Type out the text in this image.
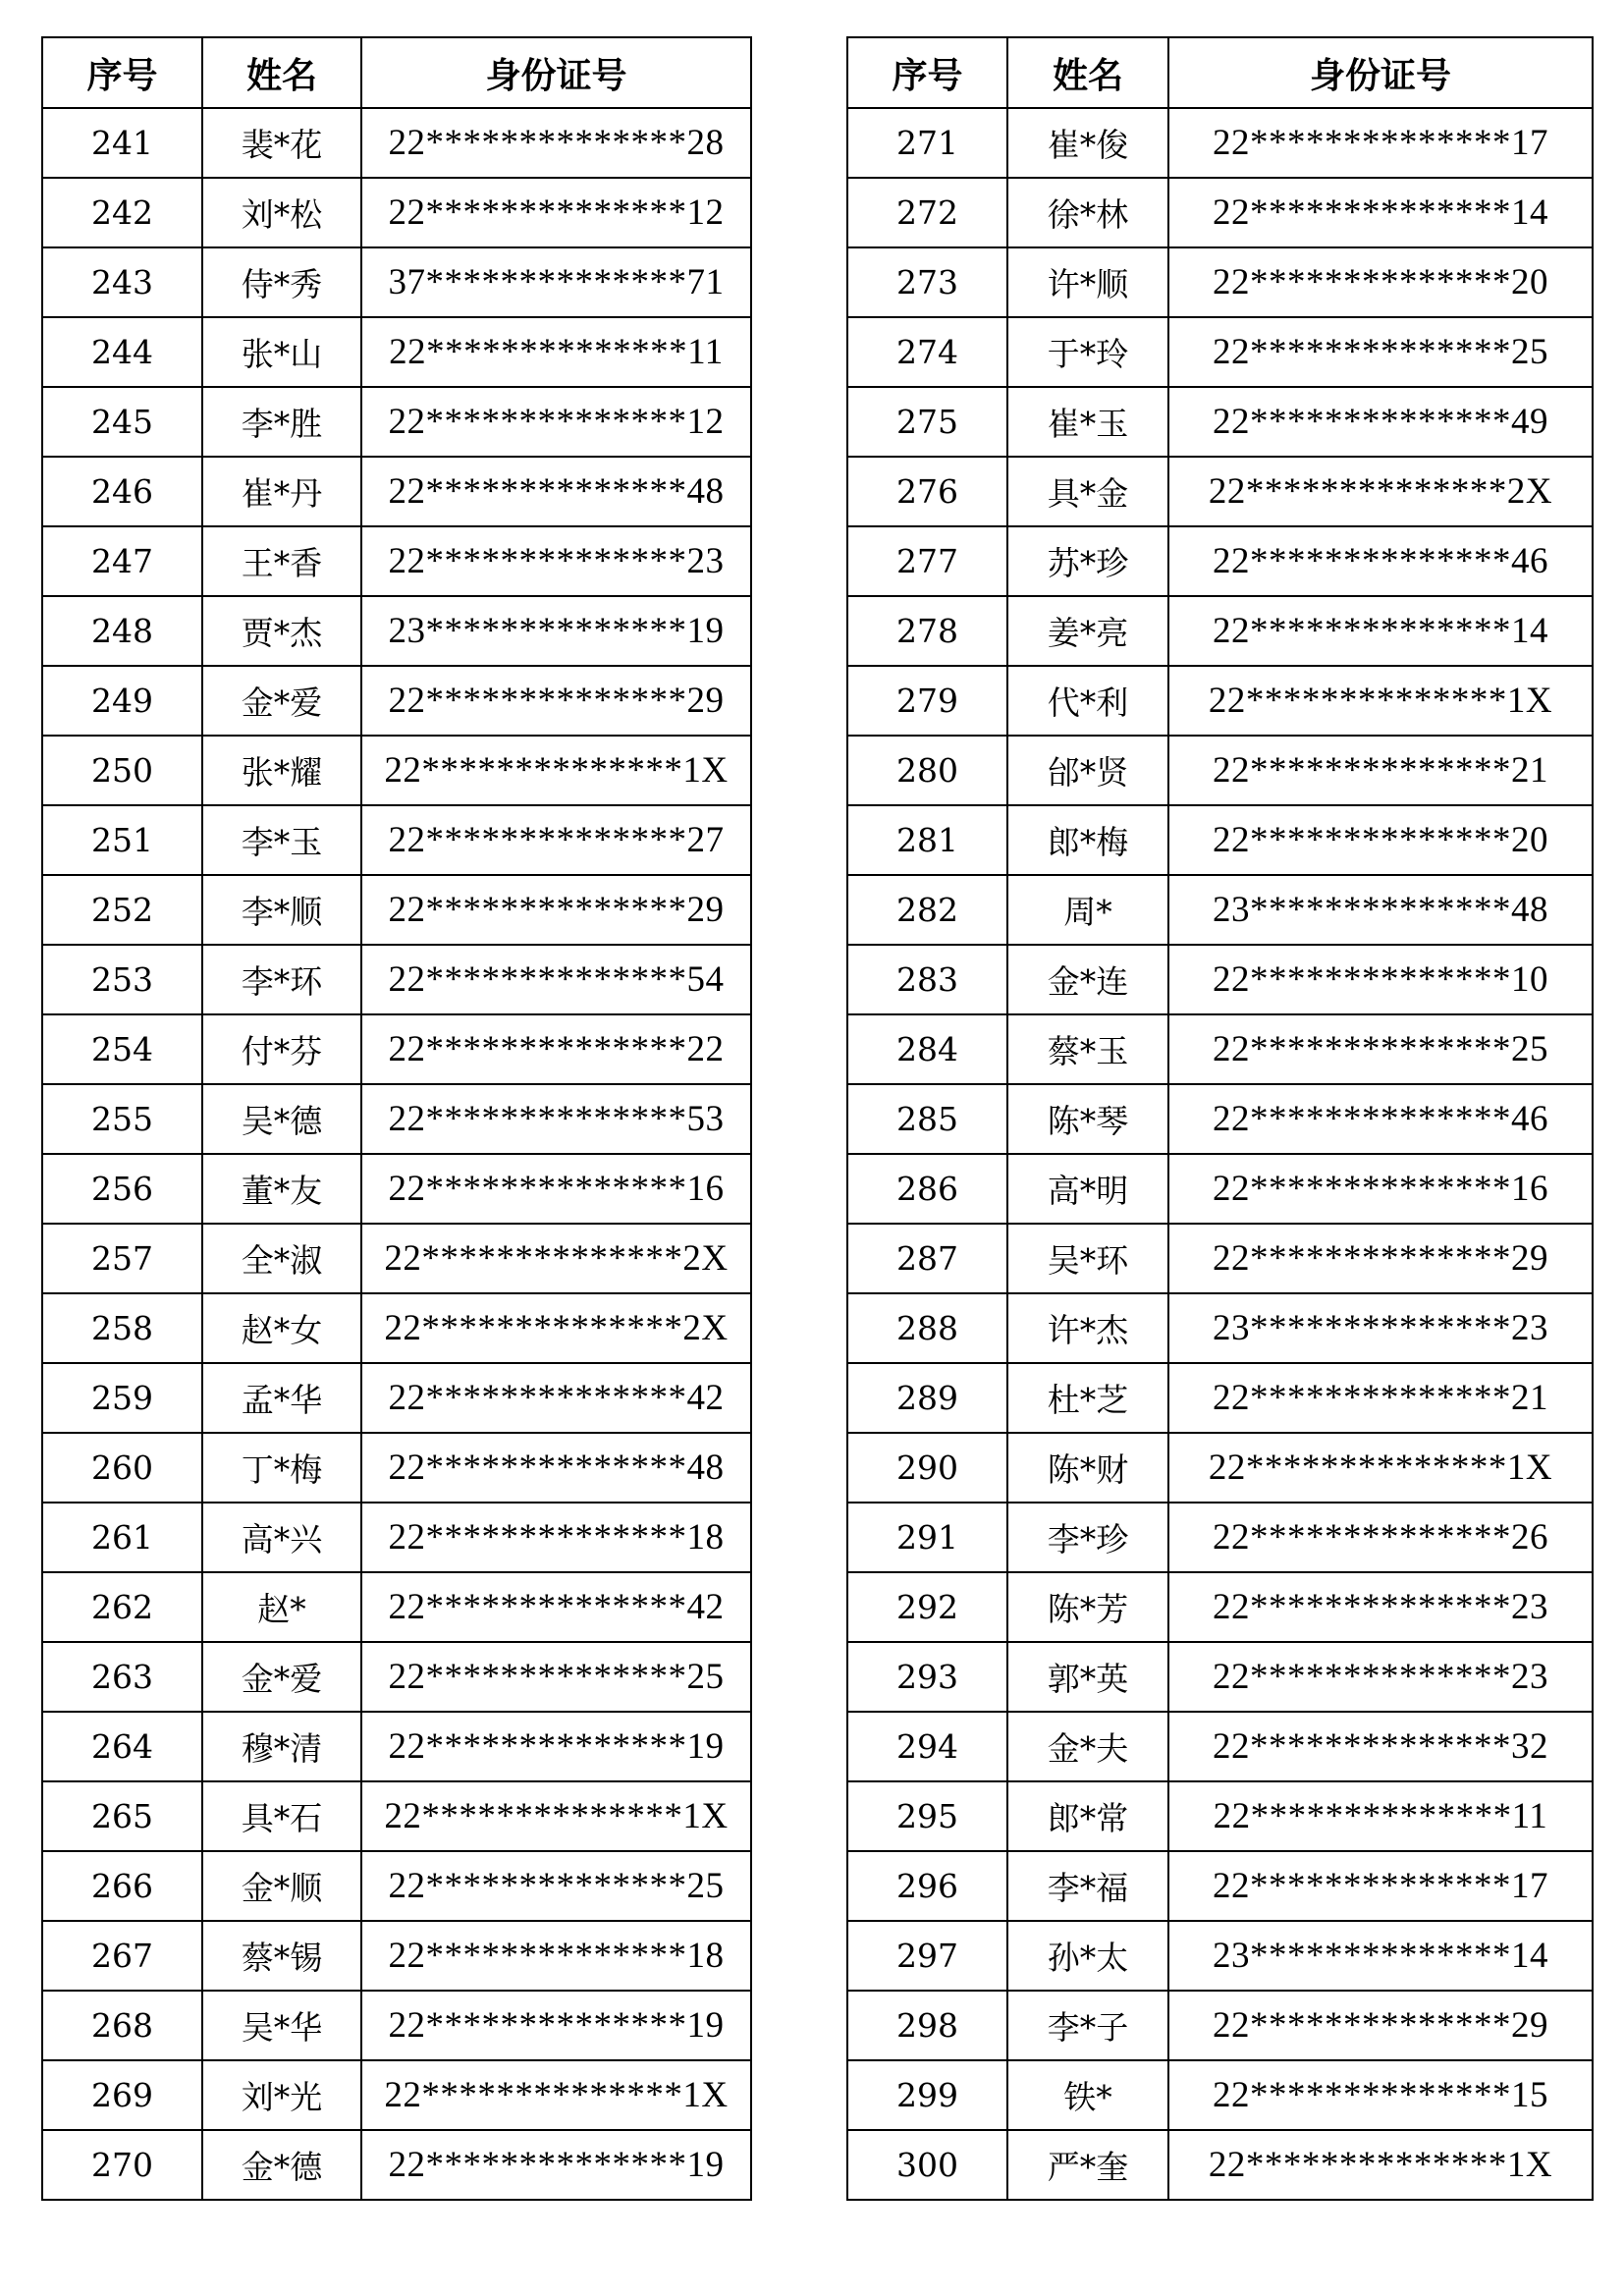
序号	姓名	身份证号
241	裴*花	22**************28
242	刘*松	22**************12
243	侍*秀	37**************71
244	张*山	22**************11
245	李*胜	22**************12
246	崔*丹	22**************48
247	王*香	22**************23
248	贾*杰	23**************19
249	金*爱	22**************29
250	张*耀	22**************1X
251	李*玉	22**************27
252	李*顺	22**************29
253	李*环	22**************54
254	付*芬	22**************22
255	吴*德	22**************53
256	董*友	22**************16
257	全*淑	22**************2X
258	赵*女	22**************2X
259	孟*华	22**************42
260	丁*梅	22**************48
261	高*兴	22**************18
262	赵*	22**************42
263	金*爱	22**************25
264	穆*清	22**************19
265	具*石	22**************1X
266	金*顺	22**************25
267	蔡*锡	22**************18
268	吴*华	22**************19
269	刘*光	22**************1X
270	金*德	22**************19
序号	姓名	身份证号
271	崔*俊	22**************17
272	徐*林	22**************14
273	许*顺	22**************20
274	于*玲	22**************25
275	崔*玉	22**************49
276	具*金	22**************2X
277	苏*珍	22**************46
278	姜*亮	22**************14
279	代*利	22**************1X
280	邰*贤	22**************21
281	郎*梅	22**************20
282	周*	23**************48
283	金*连	22**************10
284	蔡*玉	22**************25
285	陈*琴	22**************46
286	高*明	22**************16
287	吴*环	22**************29
288	许*杰	23**************23
289	杜*芝	22**************21
290	陈*财	22**************1X
291	李*珍	22**************26
292	陈*芳	22**************23
293	郭*英	22**************23
294	金*夫	22**************32
295	郎*常	22**************11
296	李*福	22**************17
297	孙*太	23**************14
298	李*子	22**************29
299	铁*	22**************15
300	严*奎	22**************1X
